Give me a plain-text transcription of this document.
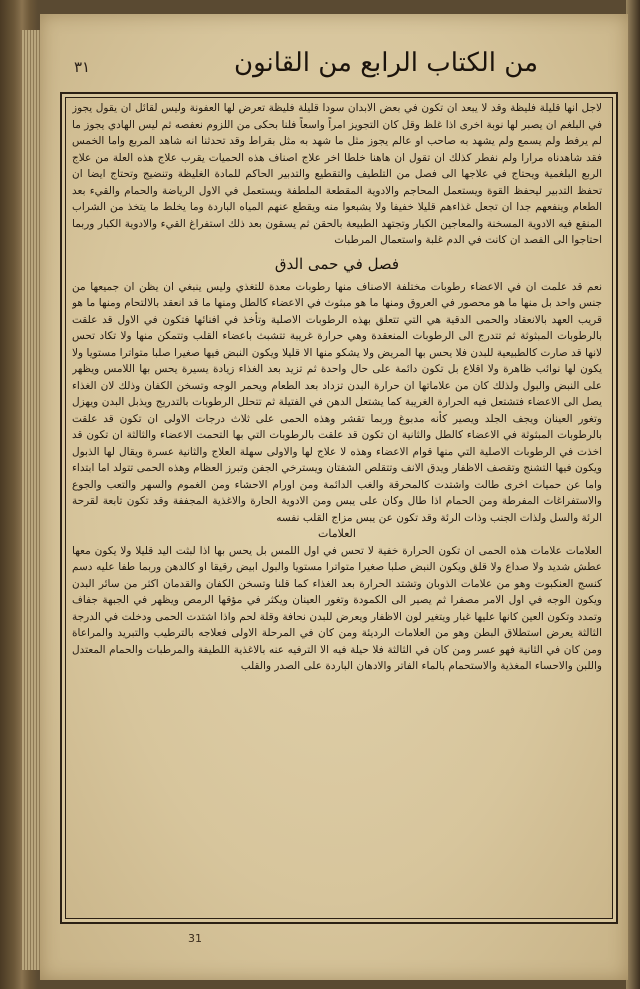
من الكتاب الرابع من القانون
٣١

لاجل انها قليلة فليظة وقد لا يبعد ان تكون في بعض الابدان سودا قليلة فليظة تعرض لها العفونة وليس لقائل ان يقول يجوز في البلغم ان يصبر لها نوبة اخرى اذا غلظ وقل كان التجويز امراً واسعاً فلنا بحكى من اللزوم نعفصه ثم ليس الهادي يجوز ما لم يرفط ولم يسمع ولم يشهد به صاحب او عالم يجوز مثل ما شهد به مثل بقراط وقد تحدثنا انه شاهد المربع واما الخمس فقد شاهدناه مرارا ولم نفطر كذلك ان تقول ان هاهنا خلطا اخر علاج اصناف هذه الحميات يقرب علاج هذه العلة من علاج الربع البلغمية ويحتاج في علاجها الى فصل من التلطيف والتقطيع والتدبير الحاكم للمادة الغليظة وتنضيج وتحتاج ايضا ان تحفظ التدبير ليحفظ القوة ويستعمل المحاجم والادوية المقطعة الملطفة ويستعمل في الاول الرياضة والحمام والقيء بعد الطعام وينفعهم جدا ان تجعل غذاءهم قليلا خفيفا ولا يشبعوا منه ويقطع عنهم المياه الباردة وما يخلط ما يتخذ من الشراب المنقع فيه الادوية المسخنة والمعاجين الكبار وتجتهد الطبيعة بالحقن ثم يسقون بعد ذلك استفراغ القيء والادوية الكبار وربما احتاجوا الى الفصد ان كانت في الدم غلبة واستعمال المرطبات

فصل في حمى الدق

نعم قد علمت ان في الاعضاء رطوبات مختلفة الاصناف منها رطوبات معدة للتغذي وليس ينبغي ان يظن ان جميعها من جنس واحد بل منها ما هو محصور في العروق ومنها ما هو مبثوث في الاعضاء كالطل ومنها ما قد انعقد بالالتحام ومنها ما هو قريب العهد بالانعقاد والحمى الدقية هي التي تتعلق بهذه الرطوبات الاصلية وتأخذ في افنائها فتكون في الاول قد علقت بالرطوبات المبثوثة ثم تتدرج الى الرطوبات المنعقدة وهي حرارة غريبة تتشبث باعضاء القلب وتتمكن منها ولا تكاد تحس لانها قد صارت كالطبيعية للبدن فلا يحس بها المريض ولا يشكو منها الا قليلا ويكون النبض فيها صغيرا صلبا متواترا مستويا ولا يكون لها نوائب ظاهرة ولا اقلاع بل تكون دائمة على حال واحدة ثم تزيد بعد الغذاء زيادة يسيرة يحس بها اللامس ويظهر على النبض والبول ولذلك كان من علاماتها ان حرارة البدن تزداد بعد الطعام ويحمر الوجه وتسخن الكفان وذلك لان الغذاء يصل الى الاعضاء فتشتعل فيه الحرارة الغريبة كما يشتعل الدهن في الفتيلة ثم تتحلل الرطوبات بالتدريج ويذبل البدن ويهزل وتغور العينان ويجف الجلد ويصير كأنه مدبوغ وربما تقشر وهذه الحمى على ثلاث درجات الاولى ان تكون قد علقت بالرطوبات المبثوثة في الاعضاء كالطل والثانية ان تكون قد علقت بالرطوبات التي بها التحمت الاعضاء والثالثة ان تكون قد اخذت في الرطوبات الاصلية التي منها قوام الاعضاء وهذه لا علاج لها والاولى سهلة العلاج والثانية عسرة ويقال لها الذبول ويكون فيها التشنج وتقصف الاظفار ويدق الانف وتتقلص الشفتان ويسترخي الجفن وتبرز العظام وهذه الحمى تتولد اما ابتداء واما عن حميات اخرى طالت واشتدت كالمحرقة والغب الدائمة ومن اورام الاحشاء ومن الغموم والسهر والتعب والجوع والاستفراغات المفرطة ومن الحمام اذا طال وكان على يبس ومن الادوية الحارة والاغذية المجففة وقد تكون تابعة لقرحة الرئة والسل ولذات الجنب وذات الرئة وقد تكون عن يبس مزاج القلب نفسه

العلامات

العلامات علامات هذه الحمى ان تكون الحرارة خفية لا تحس في اول اللمس بل يحس بها اذا لبثت اليد قليلا ولا يكون معها عطش شديد ولا صداع ولا قلق ويكون النبض صلبا صغيرا متواترا مستويا والبول ابيض رقيقا او كالدهن وربما طفا عليه دسم كنسج العنكبوت وهو من علامات الذوبان وتشتد الحرارة بعد الغذاء كما قلنا وتسخن الكفان والقدمان اكثر من سائر البدن ويكون الوجه في اول الامر مصفرا ثم يصير الى الكمودة وتغور العينان ويكثر في مؤقها الرمص ويظهر في الجبهة جفاف وتمدد وتكون العين كانها عليها غبار ويتغير لون الاظفار ويعرض للبدن نحافة وقلة لحم واذا اشتدت الحمى ودخلت في الدرجة الثالثة يعرض استطلاق البطن وهو من العلامات الرديئة ومن كان في المرحلة الاولى فعلاجه بالترطيب والتبريد والمراعاة ومن كان في الثانية فهو عسر ومن كان في الثالثة فلا حيلة فيه الا الترفيه عنه بالاغذية اللطيفة والمرطبات والحمام المعتدل واللبن والاحساء المغذية والاستحمام بالماء الفاتر والادهان الباردة على الصدر والقلب

31
